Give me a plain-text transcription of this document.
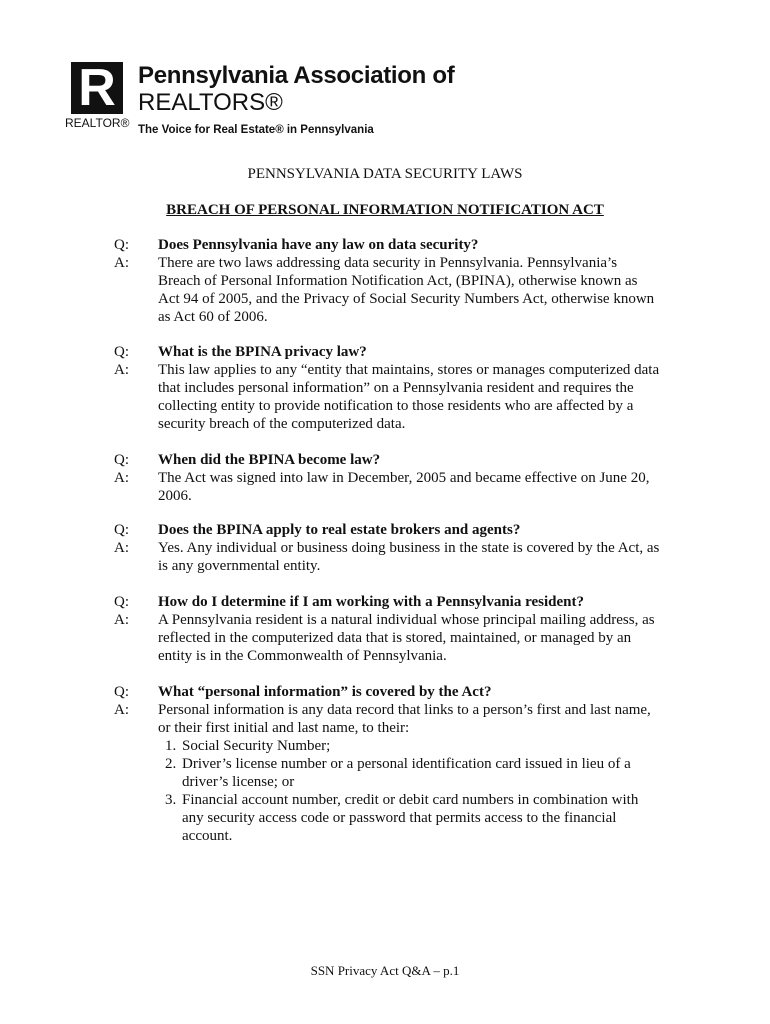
R
REALTOR®
Pennsylvania Association of
REALTORS®
The Voice for Real Estate® in Pennsylvania
PENNSYLVANIA DATA SECURITY LAWS
BREACH OF PERSONAL INFORMATION NOTIFICATION ACT
Q:	Does Pennsylvania have any law on data security?
A:	There are two laws addressing data security in Pennsylvania. Pennsylvania’s Breach of Personal Information Notification Act, (BPINA), otherwise known as Act 94 of 2005, and the Privacy of Social Security Numbers Act, otherwise known as Act 60 of 2006.
Q:	What is the BPINA privacy law?
A:	This law applies to any “entity that maintains, stores or manages computerized data that includes personal information” on a Pennsylvania resident and requires the collecting entity to provide notification to those residents who are affected by a security breach of the computerized data.
Q:	When did the BPINA become law?
A:	The Act was signed into law in December, 2005 and became effective on June 20, 2006.
Q:	Does the BPINA apply to real estate brokers and agents?
A:	Yes. Any individual or business doing business in the state is covered by the Act, as is any governmental entity.
Q:	How do I determine if I am working with a Pennsylvania resident?
A:	A Pennsylvania resident is a natural individual whose principal mailing address, as reflected in the computerized data that is stored, maintained, or managed by an entity is in the Commonwealth of Pennsylvania.
Q:	What “personal information” is covered by the Act?
A:	Personal information is any data record that links to a person’s first and last name, or their first initial and last name, to their:
1. Social Security Number;
2. Driver’s license number or a personal identification card issued in lieu of a driver’s license; or
3. Financial account number, credit or debit card numbers in combination with any security access code or password that permits access to the financial account.
SSN Privacy Act Q&A – p.1
